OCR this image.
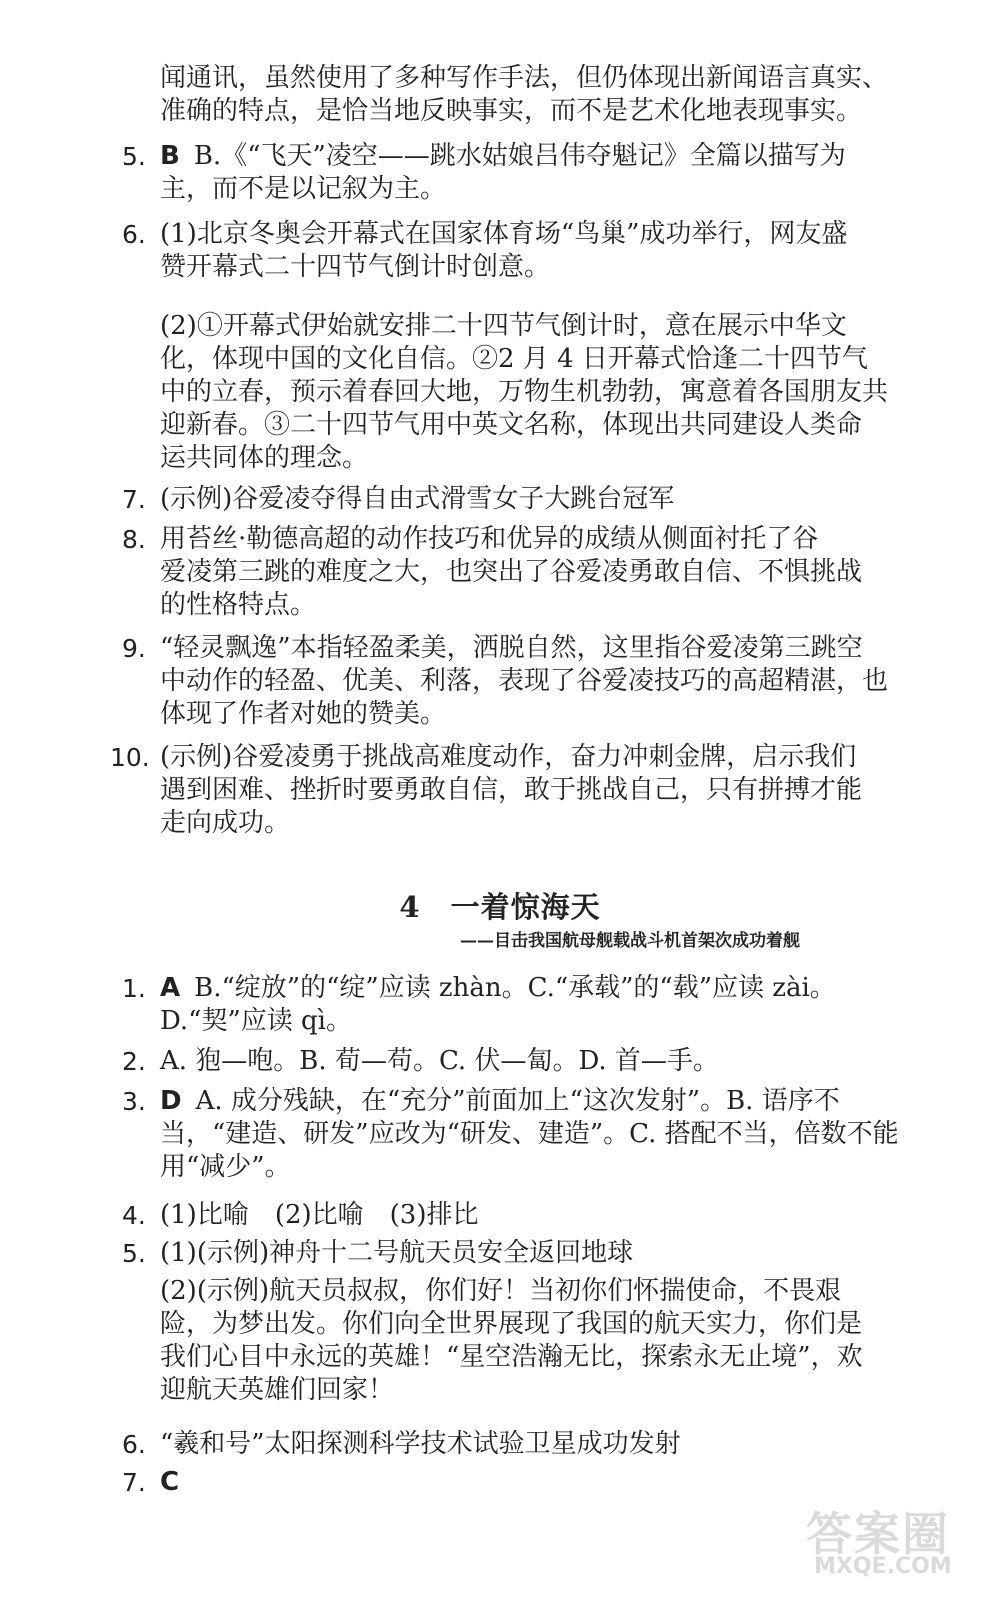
闻通讯，虽然使用了多种写作手法，但仍体现出新闻语言真实、
准确的特点，是恰当地反映事实，而不是艺术化地表现事实。
5. B B.《“飞天”凌空——跳水姑娘吕伟夺魁记》全篇以描写为
主，而不是以记叙为主。
6. (1)北京冬奥会开幕式在国家体育场“鸟巢”成功举行，网友盛
赞开幕式二十四节气倒计时创意。
(2)①开幕式伊始就安排二十四节气倒计时，意在展示中华文
化，体现中国的文化自信。②2 月 4 日开幕式恰逢二十四节气
中的立春，预示着春回大地，万物生机勃勃，寓意着各国朋友共
迎新春。③二十四节气用中英文名称，体现出共同建设人类命
运共同体的理念。
7. (示例)谷爱凌夺得自由式滑雪女子大跳台冠军
8. 用苔丝·勒德高超的动作技巧和优异的成绩从侧面衬托了谷
爱凌第三跳的难度之大，也突出了谷爱凌勇敢自信、不惧挑战
的性格特点。
9. “轻灵飘逸”本指轻盈柔美，洒脱自然，这里指谷爱凌第三跳空
中动作的轻盈、优美、利落，表现了谷爱凌技巧的高超精湛，也
体现了作者对她的赞美。
10. (示例)谷爱凌勇于挑战高难度动作，奋力冲刺金牌，启示我们
遇到困难、挫折时要勇敢自信，敢于挑战自己，只有拼搏才能
走向成功。
4　一着惊海天
——目击我国航母舰载战斗机首架次成功着舰
1. A B.“绽放”的“绽”应读 zhàn。C.“承载”的“载”应读 zài。
D.“契”应读 qì。
2. A. 狍—咆。B. 荀—苟。C. 伏—匐。D. 首—手。
3. D A. 成分残缺，在“充分”前面加上“这次发射”。B. 语序不
当，“建造、研发”应改为“研发、建造”。C. 搭配不当，倍数不能
用“减少”。
4. (1)比喻　(2)比喻　(3)排比
5. (1)(示例)神舟十二号航天员安全返回地球
(2)(示例)航天员叔叔，你们好！当初你们怀揣使命，不畏艰
险，为梦出发。你们向全世界展现了我国的航天实力，你们是
我们心目中永远的英雄！“星空浩瀚无比，探索永无止境”，欢
迎航天英雄们回家！
6. “羲和号”太阳探测科学技术试验卫星成功发射
7. C
答案圈
MXQE.COM
